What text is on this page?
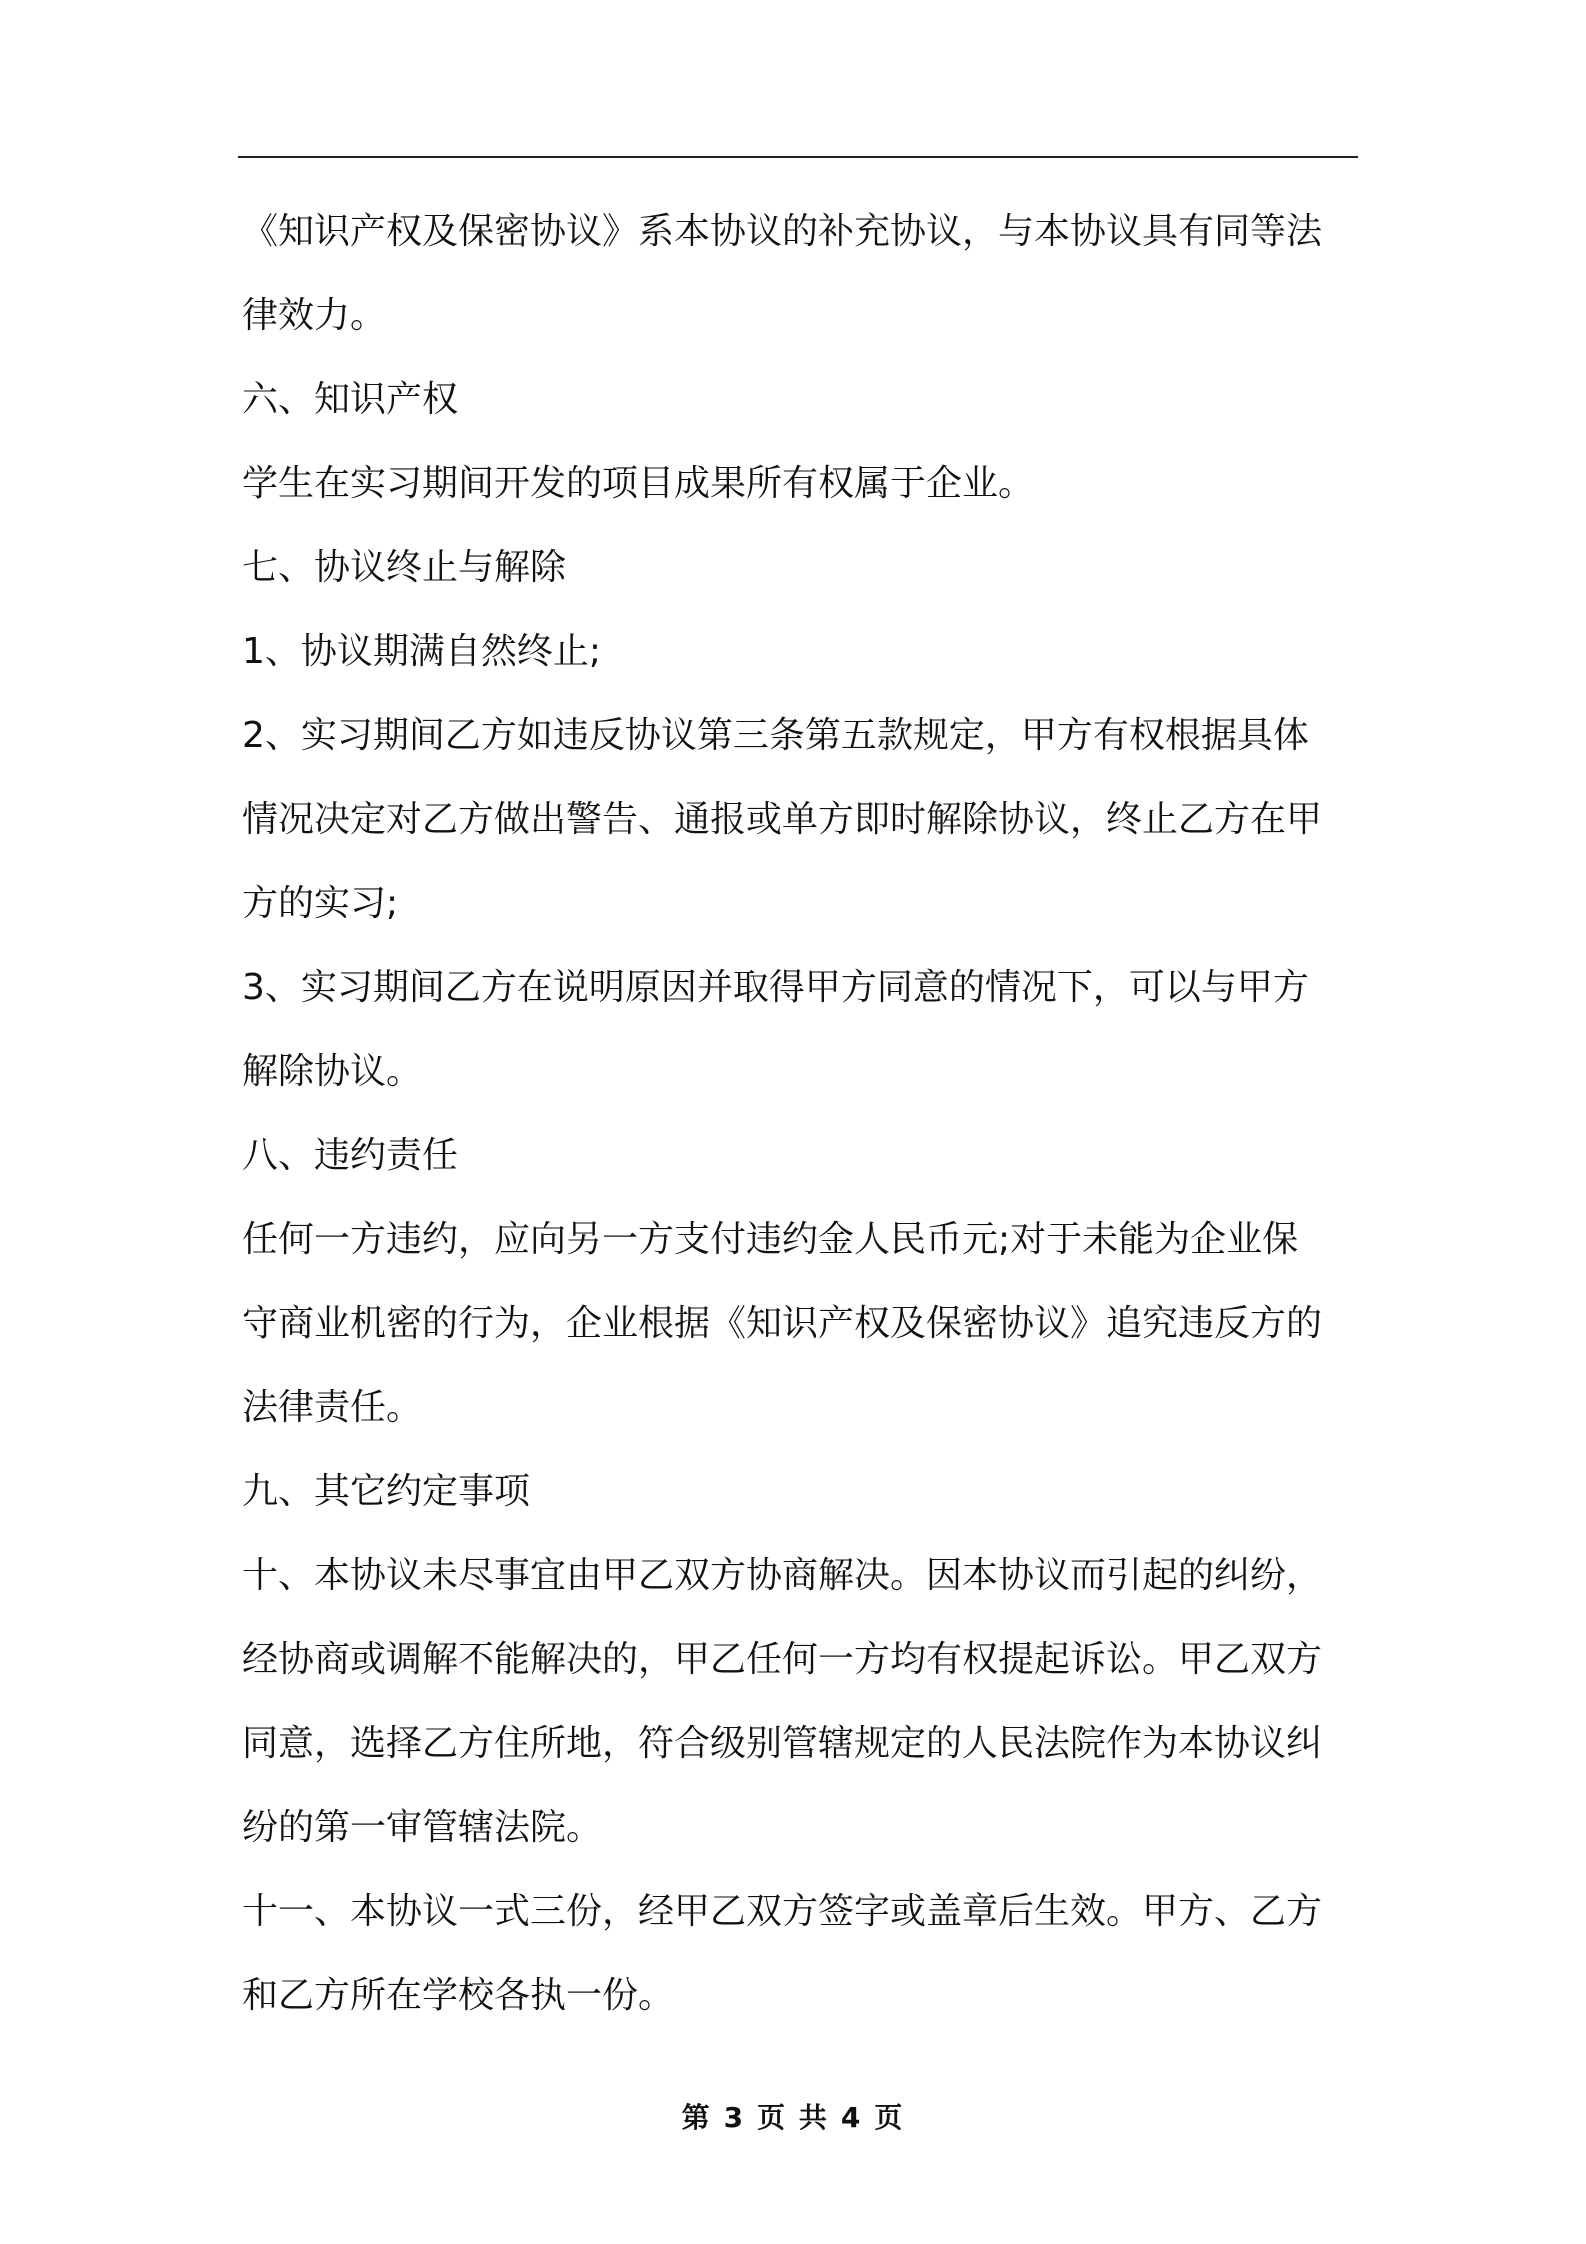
《知识产权及保密协议》系本协议的补充协议，与本协议具有同等法
律效力。
六、知识产权
学生在实习期间开发的项目成果所有权属于企业。
七、协议终止与解除
1、协议期满自然终止;
2、实习期间乙方如违反协议第三条第五款规定，甲方有权根据具体
情况决定对乙方做出警告、通报或单方即时解除协议，终止乙方在甲
方的实习;
3、实习期间乙方在说明原因并取得甲方同意的情况下，可以与甲方
解除协议。
八、违约责任
任何一方违约，应向另一方支付违约金人民币元;对于未能为企业保
守商业机密的行为，企业根据《知识产权及保密协议》追究违反方的
法律责任。
九、其它约定事项
十、本协议未尽事宜由甲乙双方协商解决。因本协议而引起的纠纷，
经协商或调解不能解决的，甲乙任何一方均有权提起诉讼。甲乙双方
同意，选择乙方住所地，符合级别管辖规定的人民法院作为本协议纠
纷的第一审管辖法院。
十一、本协议一式三份，经甲乙双方签字或盖章后生效。甲方、乙方
和乙方所在学校各执一份。
第 3 页 共 4 页
